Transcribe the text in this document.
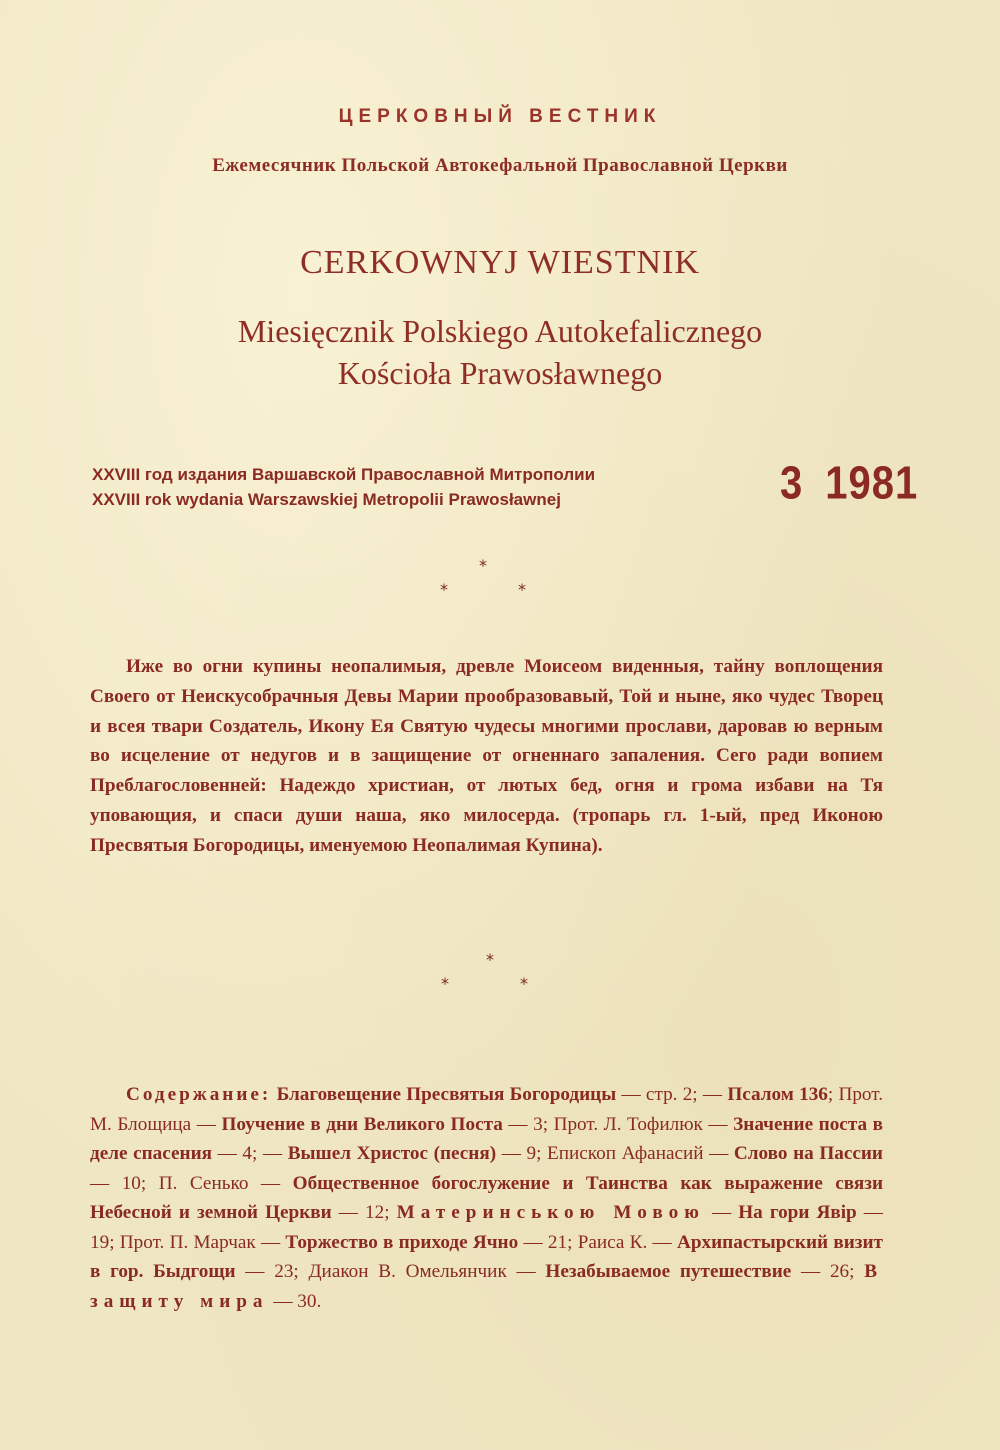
ЦЕРКОВНЫЙ ВЕСТНИК
Ежемесячник Польской Автокефальной Православной Церкви
CERKOWNYJ WIESTNIK
Miesięcznik Polskiego Autokefalicznego
Kościoła Prawosławnego
XXVIII год издания Варшавской Православной Митрополии
XXVIII rok wydania Warszawskiej Metropolii Prawosławnej	3 1981
*
*	*
Иже во огни купины неопалимыя, древле Моисеом виденныя, тайну воплощения Своего от Неискусобрачныя Девы Марии прообразовавый, Той и ныне, яко чудес Творец и всея твари Создатель, Икону Ея Святую чудесы многими прослави, даровав ю верным во исцеление от недугов и в защищение от огненнаго запаления. Сего ради вопием Преблагословенней: Надеждо христиан, от лютых бед, огня и грома избави на Тя уповающия, и спаси души наша, яко милосерда. (тропарь гл. 1-ый, пред Иконою Пресвятыя Богородицы, именуемою Неопалимая Купина).
*
*	*
Содержание: Благовещение Пресвятыя Богородицы — стр. 2; — Псалом 136; Прот. М. Блощица — Поучение в дни Великого Поста — 3; Прот. Л. Тофилюк — Значение поста в деле спасения — 4; — Вышел Христос (песня) — 9; Епископ Афанасий — Слово на Пассии — 10; П. Сенько — Общественное богослужение и Таинства как выражение связи Небесной и земной Церкви — 12; Материнською Мовою — На гори Явір — 19; Прот. П. Марчак — Торжество в приходе Ячно — 21; Раиса К. — Архипастырский визит в гор. Быдгощи — 23; Диакон В. Омельянчик — Незабываемое путешествие — 26; В защиту мира — 30.
